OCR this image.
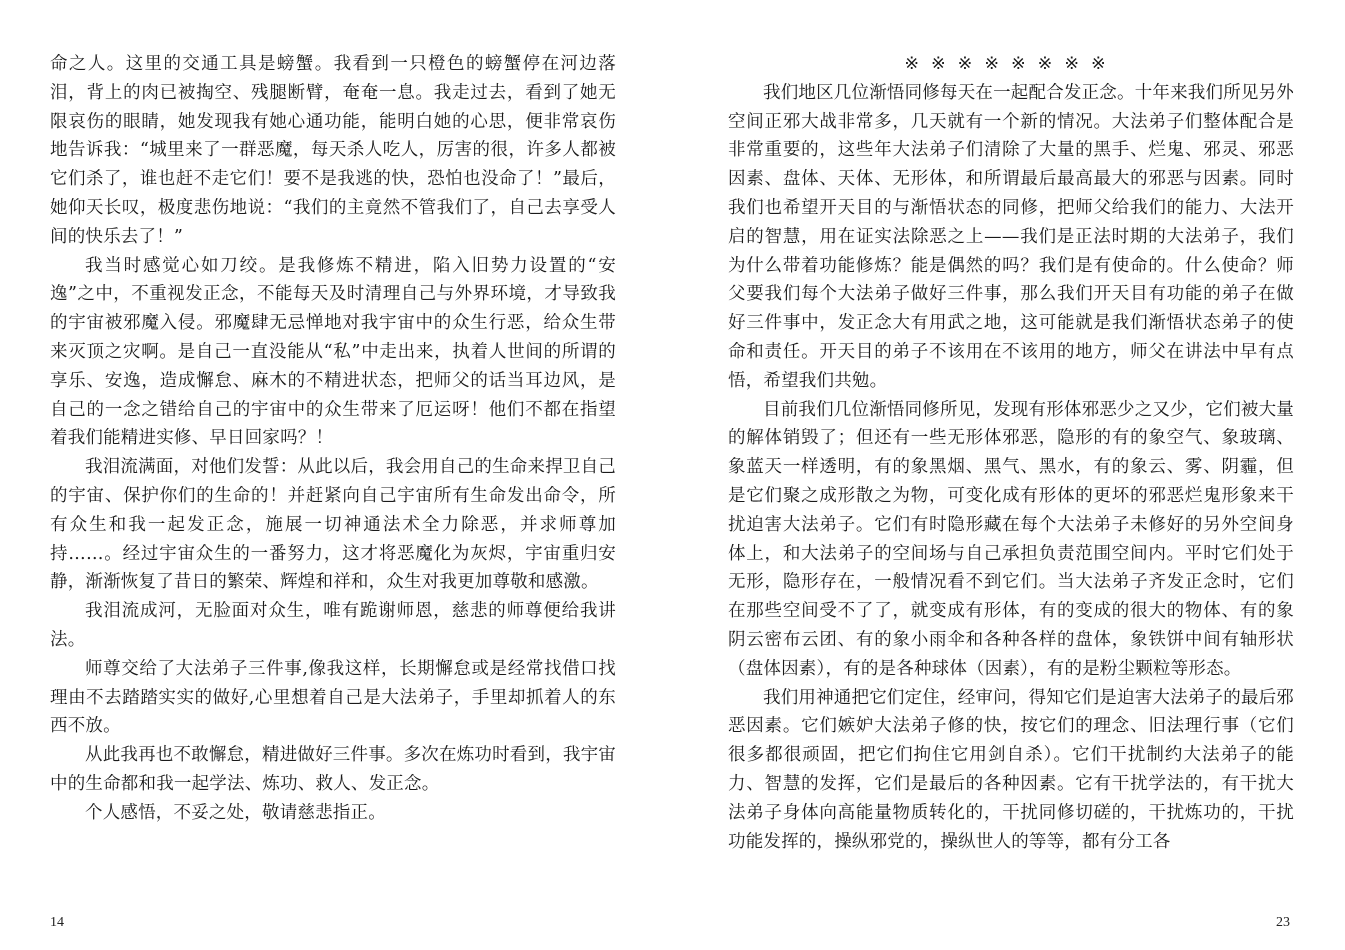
命之人。这里的交通工具是螃蟹。我看到一只橙色的螃蟹停在河边落泪，背上的肉已被掏空、残腿断臂，奄奄一息。我走过去，看到了她无限哀伤的眼睛，她发现我有她心通功能，能明白她的心思，便非常哀伤地告诉我：“城里来了一群恶魔，每天杀人吃人，厉害的很，许多人都被它们杀了，谁也赶不走它们！要不是我逃的快，恐怕也没命了！”最后，她仰天长叹，极度悲伤地说：“我们的主竟然不管我们了，自己去享受人间的快乐去了！”

我当时感觉心如刀绞。是我修炼不精进，陷入旧势力设置的“安逸”之中，不重视发正念，不能每天及时清理自己与外界环境，才导致我的宇宙被邪魔入侵。邪魔肆无忌惮地对我宇宙中的众生行恶，给众生带来灭顶之灾啊。是自己一直没能从“私”中走出来，执着人世间的所谓的享乐、安逸，造成懈怠、麻木的不精进状态，把师父的话当耳边风，是自己的一念之错给自己的宇宙中的众生带来了厄运呀！他们不都在指望着我们能精进实修、早日回家吗？！

我泪流满面，对他们发誓：从此以后，我会用自己的生命来捍卫自己的宇宙、保护你们的生命的！并赶紧向自己宇宙所有生命发出命令，所有众生和我一起发正念，施展一切神通法术全力除恶，并求师尊加持……。经过宇宙众生的一番努力，这才将恶魔化为灰烬，宇宙重归安静，渐渐恢复了昔日的繁荣、辉煌和祥和，众生对我更加尊敬和感激。

我泪流成河，无脸面对众生，唯有跪谢师恩，慈悲的师尊便给我讲法。

师尊交给了大法弟子三件事,像我这样，长期懈怠或是经常找借口找理由不去踏踏实实的做好,心里想着自己是大法弟子，手里却抓着人的东西不放。

从此我再也不敢懈怠，精进做好三件事。多次在炼功时看到，我宇宙中的生命都和我一起学法、炼功、救人、发正念。

个人感悟，不妥之处，敬请慈悲指正。

※※※※※※※※

我们地区几位渐悟同修每天在一起配合发正念。十年来我们所见另外空间正邪大战非常多，几天就有一个新的情况。大法弟子们整体配合是非常重要的，这些年大法弟子们清除了大量的黑手、烂鬼、邪灵、邪恶因素、盘体、天体、无形体，和所谓最后最高最大的邪恶与因素。同时我们也希望开天目的与渐悟状态的同修，把师父给我们的能力、大法开启的智慧，用在证实法除恶之上——我们是正法时期的大法弟子，我们为什么带着功能修炼？能是偶然的吗？我们是有使命的。什么使命？师父要我们每个大法弟子做好三件事，那么我们开天目有功能的弟子在做好三件事中，发正念大有用武之地，这可能就是我们渐悟状态弟子的使命和责任。开天目的弟子不该用在不该用的地方，师父在讲法中早有点悟，希望我们共勉。

目前我们几位渐悟同修所见，发现有形体邪恶少之又少，它们被大量的解体销毁了；但还有一些无形体邪恶，隐形的有的象空气、象玻璃、象蓝天一样透明，有的象黑烟、黑气、黑水，有的象云、雾、阴霾，但是它们聚之成形散之为物，可变化成有形体的更坏的邪恶烂鬼形象来干扰迫害大法弟子。它们有时隐形藏在每个大法弟子未修好的另外空间身体上，和大法弟子的空间场与自己承担负责范围空间内。平时它们处于无形，隐形存在，一般情况看不到它们。当大法弟子齐发正念时，它们在那些空间受不了了，就变成有形体，有的变成的很大的物体、有的象阴云密布云团、有的象小雨伞和各种各样的盘体，象铁饼中间有轴形状（盘体因素），有的是各种球体（因素），有的是粉尘颗粒等形态。

我们用神通把它们定住，经审问，得知它们是迫害大法弟子的最后邪恶因素。它们嫉妒大法弟子修的快，按它们的理念、旧法理行事（它们很多都很顽固，把它们拘住它用剑自杀）。它们干扰制约大法弟子的能力、智慧的发挥，它们是最后的各种因素。它有干扰学法的，有干扰大法弟子身体向高能量物质转化的，干扰同修切磋的，干扰炼功的，干扰功能发挥的，操纵邪党的，操纵世人的等等，都有分工各

14	23
